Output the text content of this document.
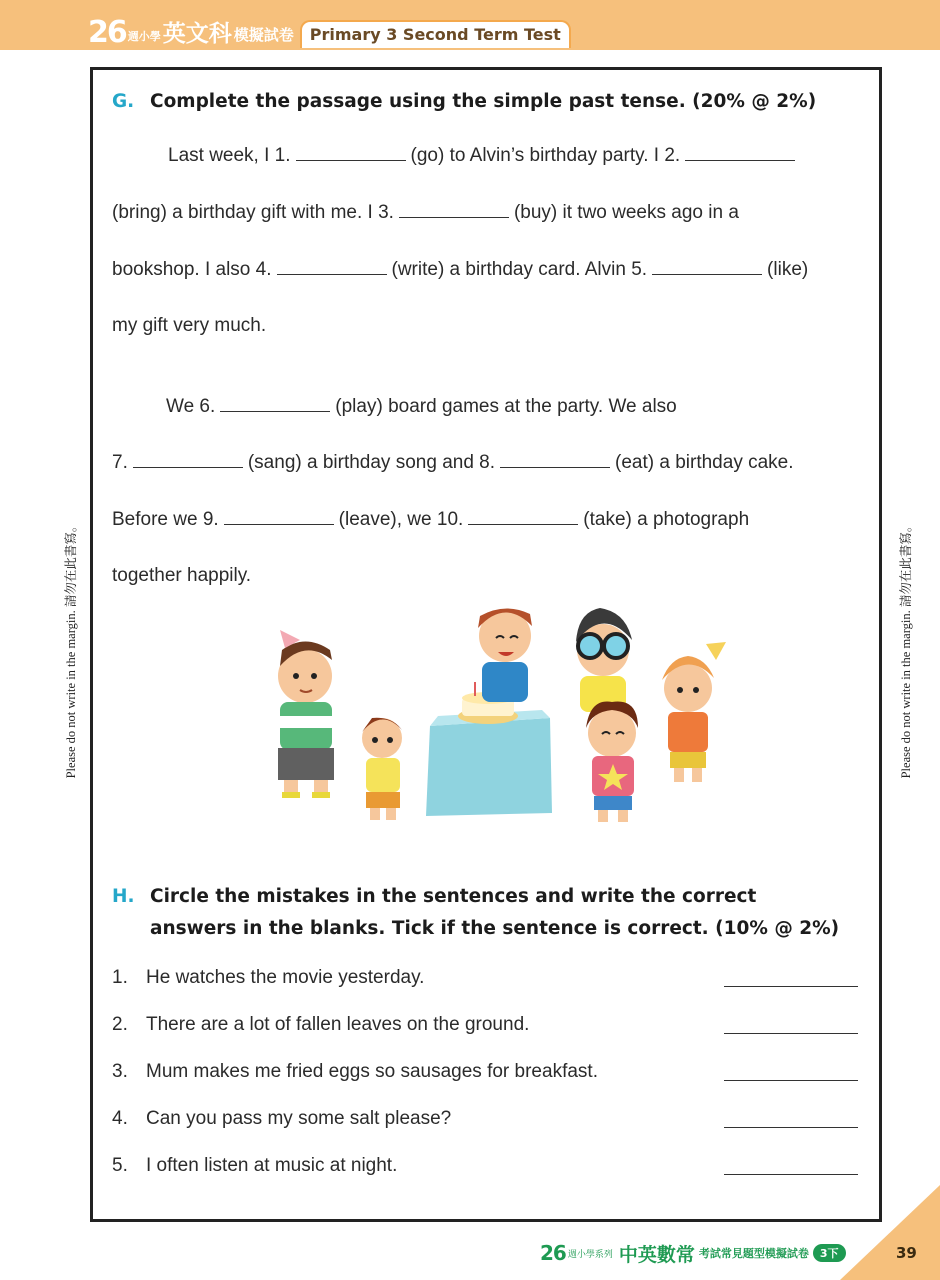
26 週小學 英文科 模擬試卷	Primary 3 Second Term Test
Please do not write in the margin. 請勿在此書寫。
Please do not write in the margin. 請勿在此書寫。
G. Complete the passage using the simple past tense. (20% @ 2%)
Last week, I 1.	(go) to Alvin’s birthday party. I 2.
(bring) a birthday gift with me. I 3.	(buy) it two weeks ago in a
bookshop. I also 4.	(write) a birthday card. Alvin 5.	(like)
my gift very much.
We 6.	(play) board games at the party. We also
7.	(sang) a birthday song and 8.	(eat) a birthday cake.
Before we 9.	(leave), we 10.	(take) a photograph
together happily.
H. Circle the mistakes in the sentences and write the correct
answers in the blanks. Tick if the sentence is correct. (10% @ 2%)
1. He watches the movie yesterday.
2. There are a lot of fallen leaves on the ground.
3. Mum makes me fried eggs so sausages for breakfast.
4. Can you pass my some salt please?
5. I often listen at music at night.
26 週小學系列 中英數常 考試常見題型模擬試卷	3下	39
